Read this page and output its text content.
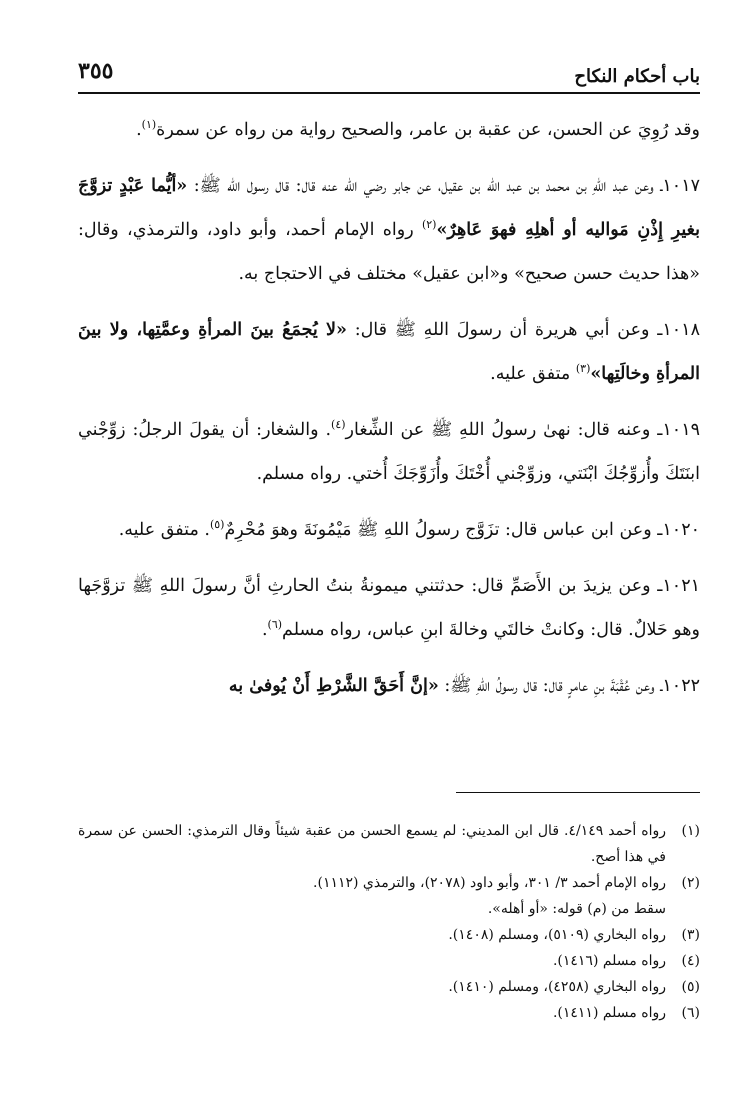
باب أحكام النكاح
٣٥٥

وقد رُوِيَ عن الحسن، عن عقبة بن عامر، والصحيح رواية من رواه عن سمرة$^{(١)}$.

١٠١٧ـ وعن عبد اللهِ بن محمد بن عبد الله بن عقيل، عن جابر رضي الله عنه قال: قال رسول الله ﷺ: «أيُّما عَبْدٍ تزوَّجَ بغيرِ إِذْنِ مَواليه أو أهلِهِ فهوَ عَاهِرٌ»$^{(٢)}$ رواه الإمام أحمد، وأبو داود، والترمذي، وقال: «هذا حديث حسن صحيح» و«ابن عقيل» مختلف في الاحتجاج به.

١٠١٨ـ وعن أبي هريرة أن رسولَ اللهِ ﷺ قال: «لا يُجمَعُ بينَ المرأةِ وعمَّتِها، ولا بينَ المرأةِ وخالَتِها»$^{(٣)}$ متفق عليه.

١٠١٩ـ وعنه قال: نهىٰ رسولُ اللهِ ﷺ عن الشِّغار$^{(٤)}$. والشغار: أن يقولَ الرجلُ: زوِّجْني ابنَتَكَ وأُزوِّجُكَ ابْنَتي، وزوِّجْني أُخْتَكَ وأُزَوِّجَكَ أُختي. رواه مسلم.

١٠٢٠ـ وعن ابن عباس قال: تزَوَّج رسولُ اللهِ ﷺ مَيْمُونَةَ وهوَ مُحْرِمٌ$^{(٥)}$. متفق عليه.

١٠٢١ـ وعن يزيدَ بن الأَصَمِّ قال: حدثتني ميمونةُ بنتُ الحارثِ أنَّ رسولَ اللهِ ﷺ تزوَّجَها وهو حَلالٌ. قال: وكانتْ خالتَي وخالةَ ابنِ عباس، رواه مسلم$^{(٦)}$.

١٠٢٢ـ وعن عُقْبَةَ بنِ عامرٍ قال: قال رسولُ اللهِ ﷺ: «إنَّ أَحَقَّ الشَّرْطِ أَنْ يُوفىٰ به

(١)
رواه أحمد ٤/١٤٩. قال ابن المديني: لم يسمع الحسن من عقبة شيئاً وقال الترمذي: الحسن عن سمرة في هذا أصح.
(٢)
رواه الإمام أحمد ٣/ ٣٠١، وأبو داود (٢٠٧٨)، والترمذي (١١١٢).
سقط من (م) قوله: «أو أهله».
(٣)
رواه البخاري (٥١٠٩)، ومسلم (١٤٠٨).
(٤)
رواه مسلم (١٤١٦).
(٥)
رواه البخاري (٤٢٥٨)، ومسلم (١٤١٠).
(٦)
رواه مسلم (١٤١١).
